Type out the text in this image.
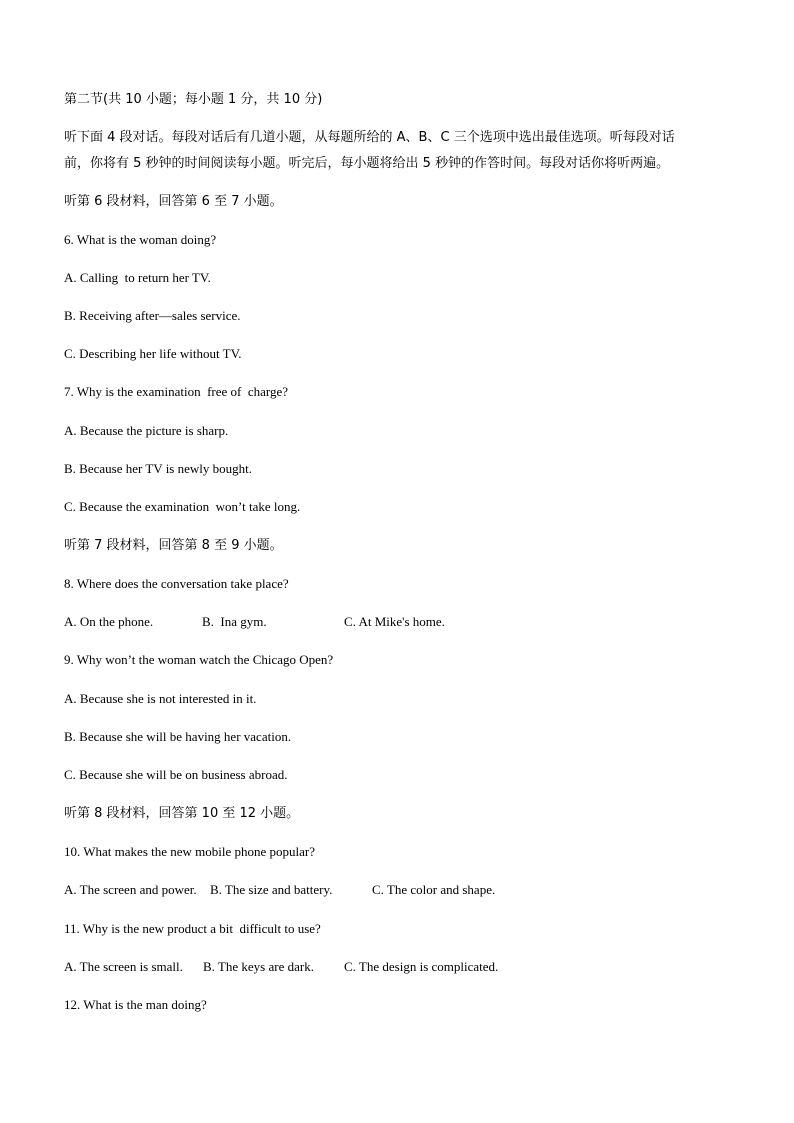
第二节(共 10 小题；每小题 1 分，共 10 分)
听下面 4 段对话。每段对话后有几道小题，从每题所给的 A、B、C 三个选项中选出最佳选项。听每段对话
前，你将有 5 秒钟的时间阅读每小题。听完后，每小题将给出 5 秒钟的作答时间。每段对话你将听两遍。
听第 6 段材料，回答第 6 至 7 小题。
6. What is the woman doing?
A. Calling  to return her TV.
B. Receiving after—sales service.
C. Describing her life without TV.
7. Why is the examination  free of  charge?
A. Because the picture is sharp.
B. Because her TV is newly bought.
C. Because the examination  won’t take long.
听第 7 段材料，回答第 8 至 9 小题。
8. Where does the conversation take place?

A. On the phone.

	B.  Ina gym.

	C. At Mike's home.

9. Why won’t the woman watch the Chicago Open?
A. Because she is not interested in it.
B. Because she will be having her vacation.
C. Because she will be on business abroad.
听第 8 段材料，回答第 10 至 12 小题。
10. What makes the new mobile phone popular?

A. The screen and power.

B. The size and battery.

	C. The color and shape.

11. Why is the new product a bit  difficult to use?

A. The screen is small.

B. The keys are dark.

C. The design is complicated.

12. What is the man doing?
